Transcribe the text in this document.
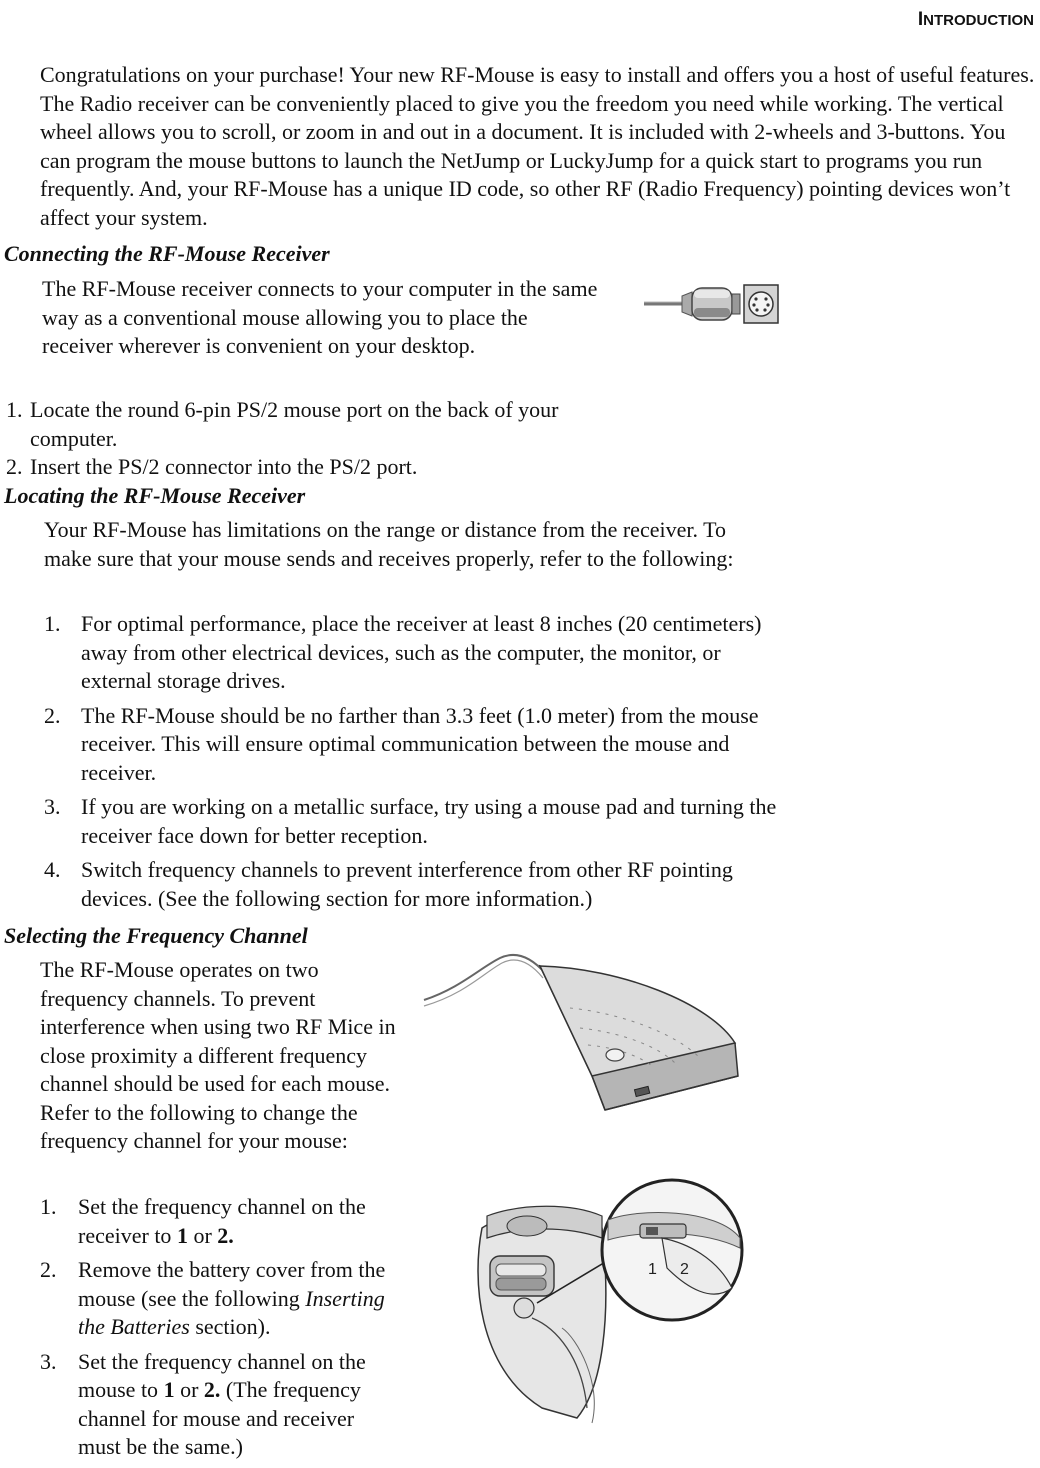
INTRODUCTION

Congratulations on your purchase! Your new RF-Mouse is easy to install and offers you a host of useful features. The Radio receiver can be conveniently placed to give you the freedom you need while working. The vertical wheel allows you to scroll, or zoom in and out in a document. It is included with 2-wheels and 3-buttons. You can program the mouse buttons to launch the NetJump or LuckyJump for a quick start to programs you run frequently. And, your RF-Mouse has a unique ID code, so other RF (Radio Frequency) pointing devices won’t affect your system.

Connecting the RF-Mouse Receiver

The RF-Mouse receiver connects to your computer in the same way as a conventional mouse allowing you to place the receiver wherever is convenient on your desktop.

1. Locate the round 6-pin PS/2 mouse port on the back of your computer.
2. Insert the PS/2 connector into the PS/2 port.
Locating the RF-Mouse Receiver

Your RF-Mouse has limitations on the range or distance from the receiver. To make sure that your mouse sends and receives properly, refer to the following:

1. For optimal performance, place the receiver at least 8 inches (20 centimeters) away from other electrical devices, such as the computer, the monitor, or external storage drives.
2. The RF-Mouse should be no farther than 3.3 feet (1.0 meter) from the mouse receiver. This will ensure optimal communication between the mouse and receiver.
3. If you are working on a metallic surface, try using a mouse pad and turning the receiver face down for better reception.
4. Switch frequency channels to prevent interference from other RF pointing devices. (See the following section for more information.)
Selecting the Frequency Channel

The RF-Mouse operates on two frequency channels. To prevent interference when using two RF Mice in close proximity a different frequency channel should be used for each mouse. Refer to the following to change the frequency channel for your mouse:

1. Set the frequency channel on the receiver to 1 or 2.
2. Remove the battery cover from the mouse (see the following Inserting the Batteries section).
3. Set the frequency channel on the mouse to 1 or 2. (The frequency channel for mouse and receiver must be the same.)
1 2
